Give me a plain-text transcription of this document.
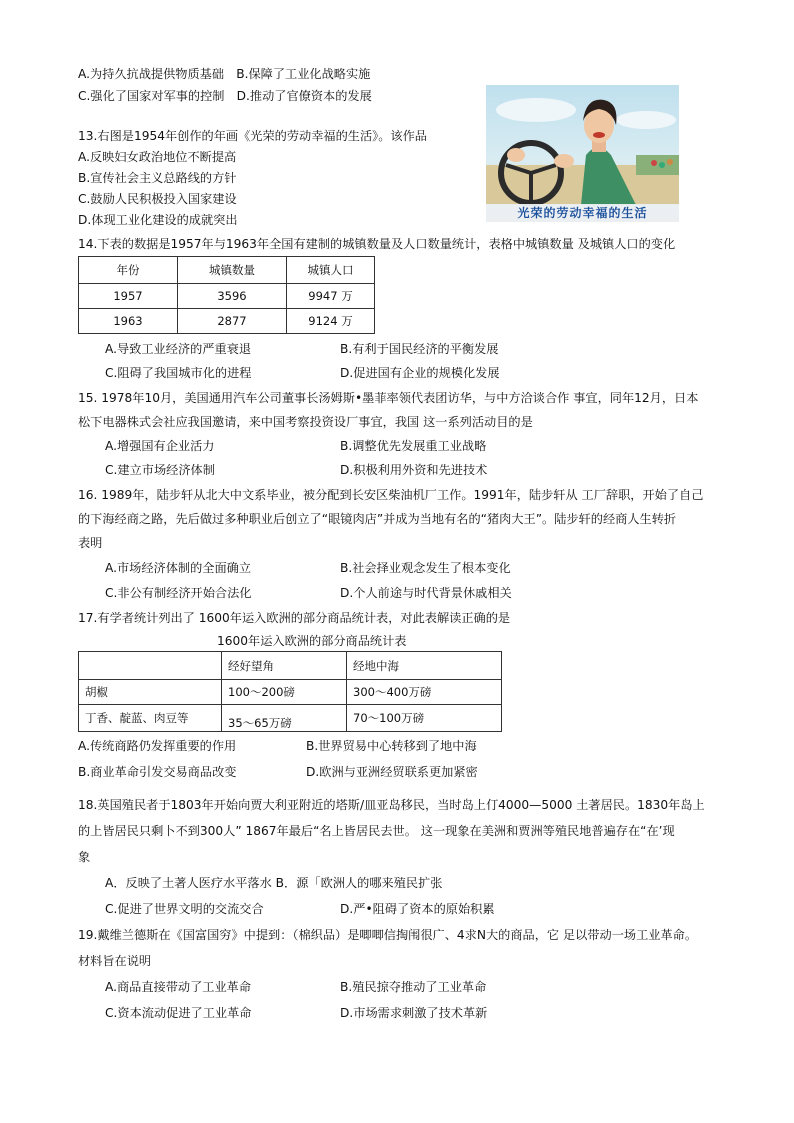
A.为持久抗战提供物质基础　B.保障了工业化战略实施
C.强化了国家对军事的控制　D.推动了官僚资本的发展
光荣的劳动幸福的生活
13.右图是1954年创作的年画《光荣的劳动幸福的生活》。该作品
A.反映妇女政治地位不断提高
B.宣传社会主义总路线的方针
C.鼓励人民积极投入国家建设
D.体现工业化建设的成就突出
14.下表的数据是1957年与1963年全国有建制的城镇数量及人口数量统计，表格中城镇数量 及城镇人口的变化
年份	城镇数量	城镇人口
1957	3596	9947 万
1963	2877	9124 万
A.导致工业经济的严重衰退	B.有利于国民经济的平衡发展
C.阻碍了我国城市化的进程	D.促进国有企业的规模化发展
15. 1978年10月，美国通用汽车公司董事长汤姆斯•墨菲率领代表团访华，与中方洽谈合作 事宜，同年12月，日本
松下电器株式会社应我国邀请，来中国考察投资设厂事宜，我国 这一系列活动目的是
A.增强国有企业活力	B.调整优先发展重工业战略
C.建立市场经济体制	D.积极利用外资和先进技术
16. 1989年，陆步轩从北大中文系毕业，被分配到长安区柴油机厂工作。1991年，陆步轩从 工厂辞职，开始了自己
的下海经商之路，先后做过多种职业后创立了“眼镜肉店”并成为当地有名的“猪肉大王”。陆步轩的经商人生转折
表明
A.市场经济体制的全面确立	B.社会择业观念发生了根本变化
C.非公有制经济开始合法化	D.个人前途与时代背景休戚相关
17.有学者统计列出了 1600年运入欧洲的部分商品统计表，对此表解读正确的是
1600年运入欧洲的部分商品统计表
	经好望角	经地中海
胡椒	100～200磅	300～400万磅
丁香、靛蓝、肉豆等	35～65万磅	70～100万磅
A.传统商路仍发挥重要的作用	B.世界贸易中心转移到了地中海
B.商业革命引发交易商品改变	D.欧洲与亚洲经贸联系更加紧密
18.英国殖民者于1803年开始向贾大利亚附近的塔斯/皿亚岛移民，当时岛上仃4000—5000 土著居民。1830年岛上
的上皆居民只剩卜不到300人” 1867年最后“名上皆居民去世。 这一现象在美洲和贾洲等殖民地普遍存在“在’现
象
A．反映了土著人医疗水平落水 B．源「欧洲人的哪来殖民扩张
C.促进了世界文明的交流交合	D.严•阻碍了资本的原始积累
19.戴维兰德斯在《国富国穷》中提到：（棉织品）是唧唧信掏闱很广、4求N大的商品，它 足以带动一场工业革命。
材料旨在说明
A.商品直接带动了工业革命	B.殖民掠夺推动了工业革命
C.资本流动促进了工业革命	D.市场需求刺激了技术革新
